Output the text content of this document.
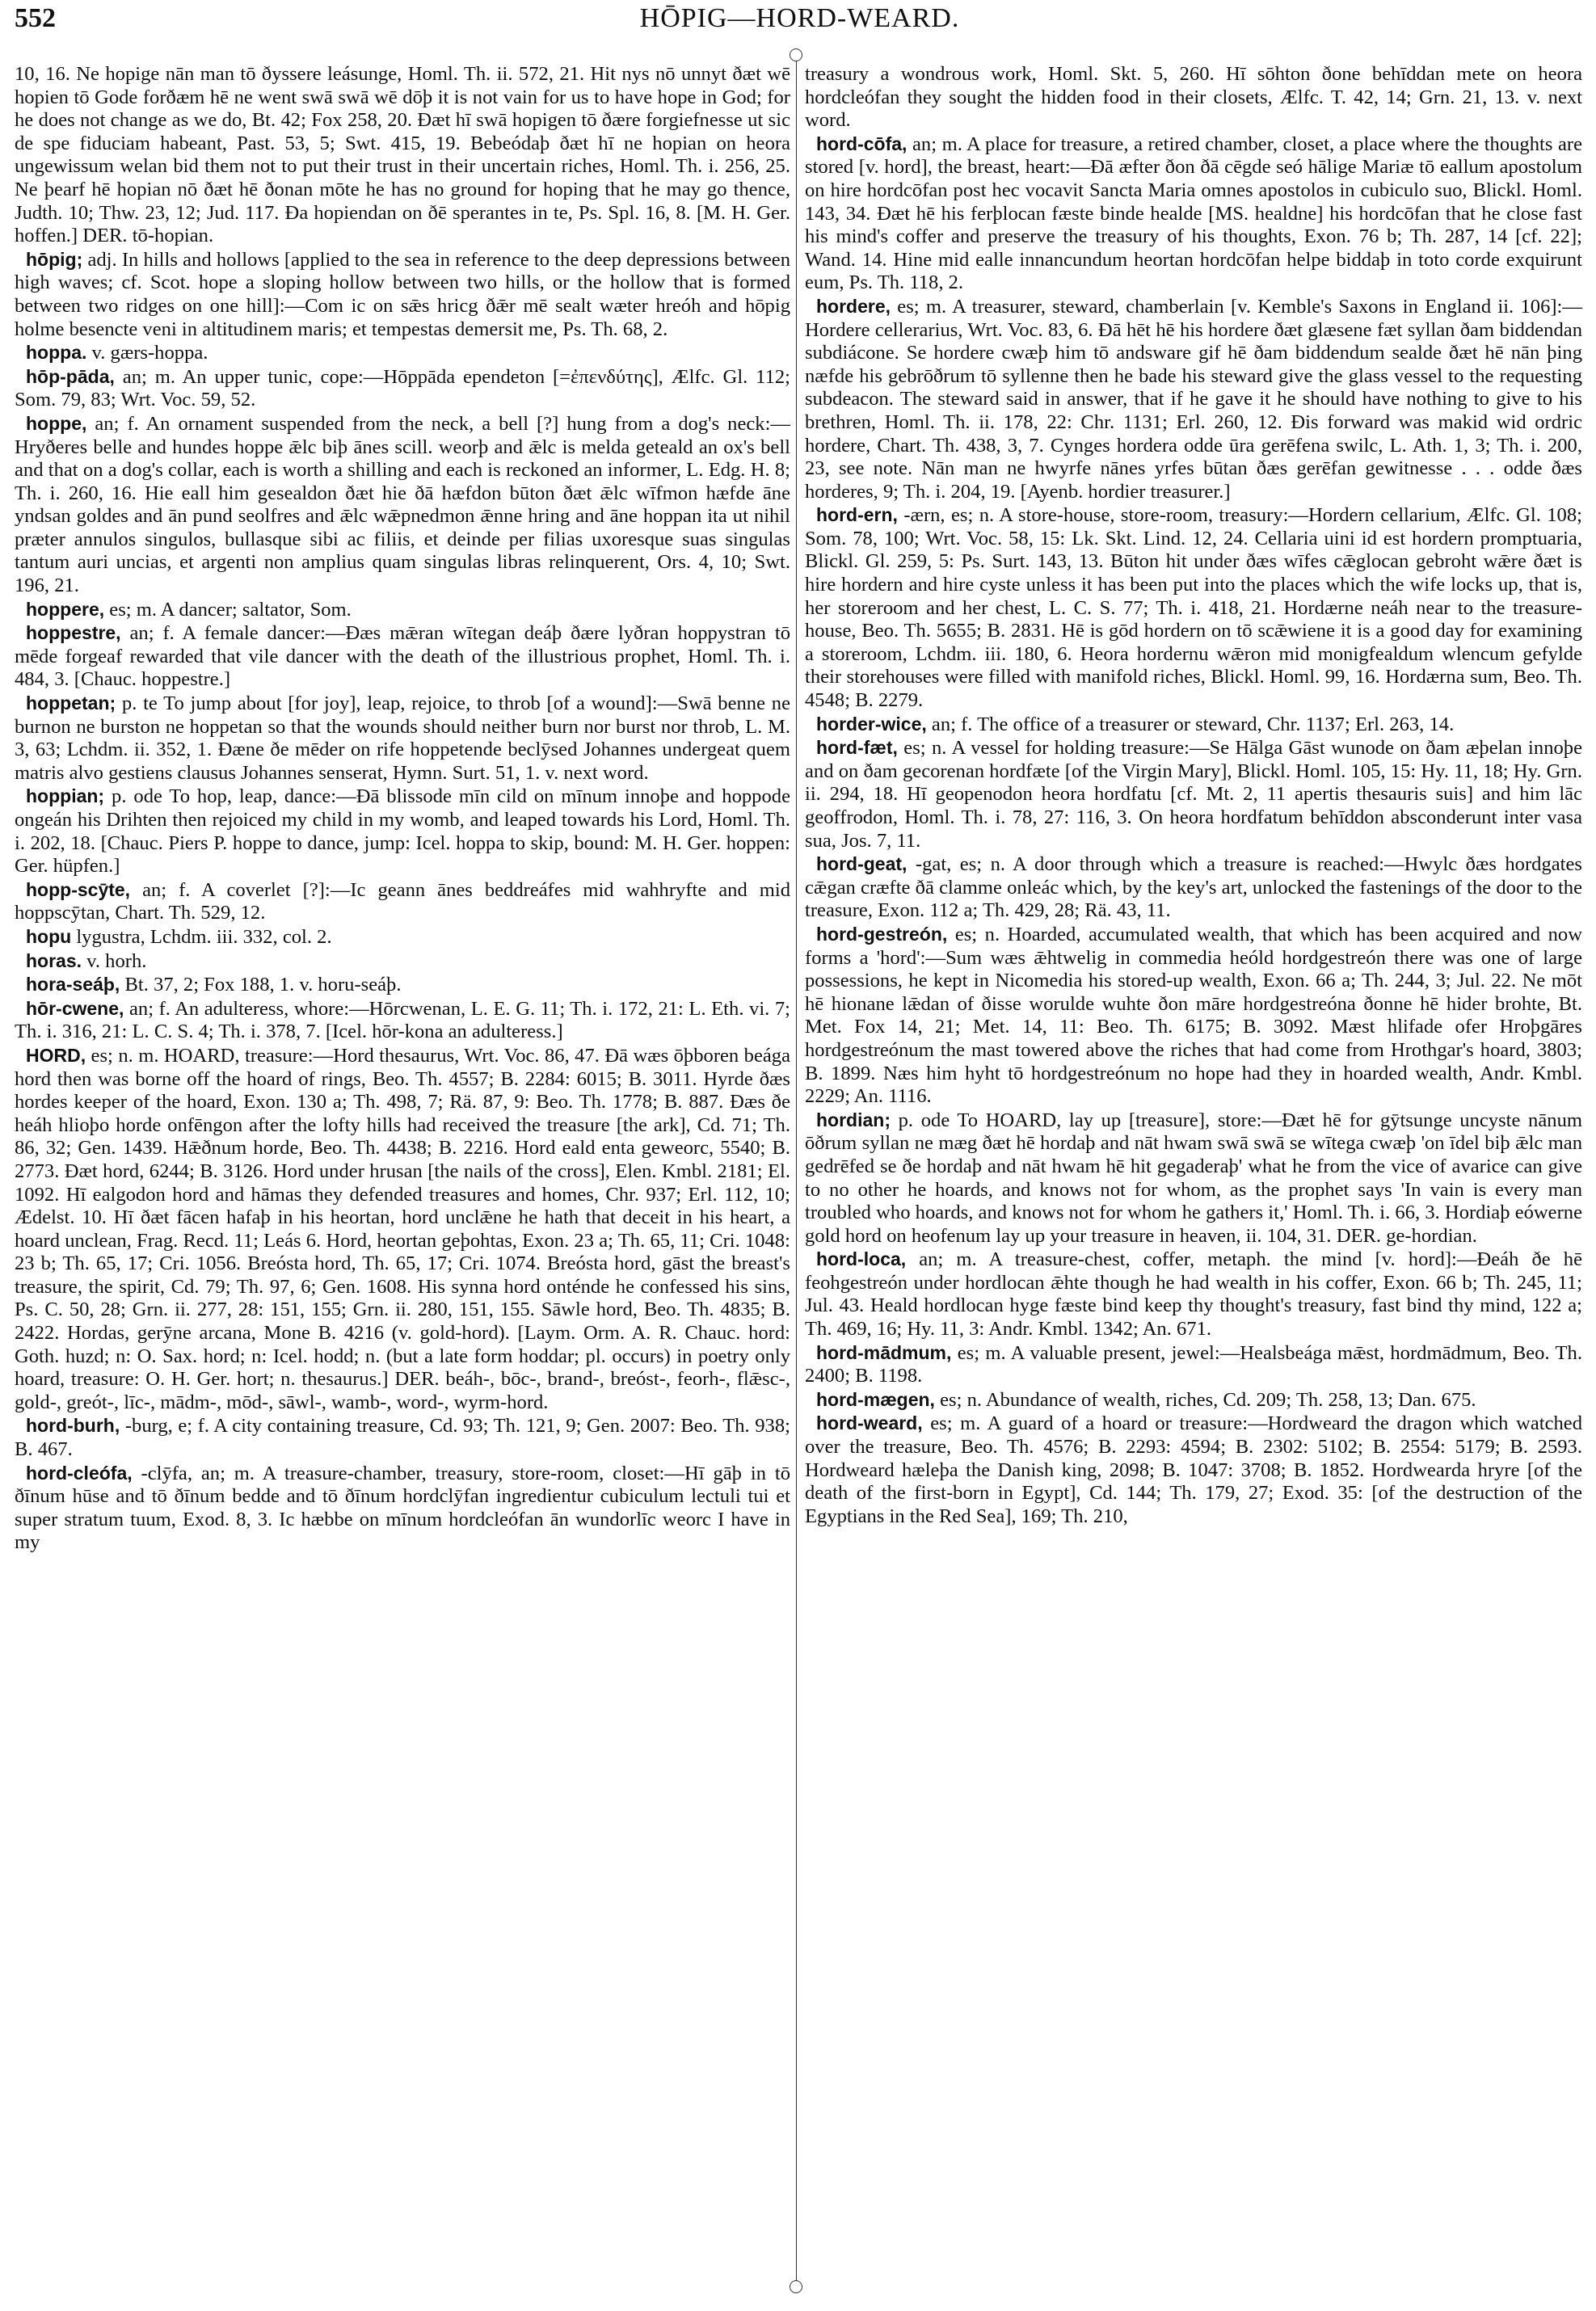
552	HŌPIG—HORD-WEARD.

10, 16. Ne hopige nān man tō ðyssere leásunge, Homl. Th. ii. 572, 21. Hit nys nō unnyt ðæt wē hopien tō Gode forðæm hē ne went swā swā wē dōþ it is not vain for us to have hope in God; for he does not change as we do, Bt. 42; Fox 258, 20. Ðæt hī swā hopigen tō ðære forgiefnesse ut sic de spe fiduciam habeant, Past. 53, 5; Swt. 415, 19. Bebeódaþ ðæt hī ne hopian on heora ungewissum welan bid them not to put their trust in their uncertain riches, Homl. Th. i. 256, 25. Ne þearf hē hopian nō ðæt hē ðonan mōte he has no ground for hoping that he may go thence, Judth. 10; Thw. 23, 12; Jud. 117. Ða hopiendan on ðē sperantes in te, Ps. Spl. 16, 8. [M. H. Ger. hoffen.] DER. tō-hopian.

hōpig; adj. In hills and hollows [applied to the sea in reference to the deep depressions between high waves; cf. Scot. hope a sloping hollow between two hills, or the hollow that is formed between two ridges on one hill]:—Com ic on sǣs hricg ðǣr mē sealt wæter hreóh and hōpig holme besencte veni in altitudinem maris; et tempestas demersit me, Ps. Th. 68, 2.

hoppa. v. gærs-hoppa.

hōp-pāda, an; m. An upper tunic, cope:—Hōppāda ependeton [=ἐπενδύτης], Ælfc. Gl. 112; Som. 79, 83; Wrt. Voc. 59, 52.

hoppe, an; f. An ornament suspended from the neck, a bell [?] hung from a dog's neck:—Hryðeres belle and hundes hoppe ǣlc biþ ānes scill. weorþ and ǣlc is melda geteald an ox's bell and that on a dog's collar, each is worth a shilling and each is reckoned an informer, L. Edg. H. 8; Th. i. 260, 16. Hie eall him gesealdon ðæt hie ðā hæfdon būton ðæt ǣlc wīfmon hæfde āne yndsan goldes and ān pund seolfres and ǣlc wǣpnedmon ǣnne hring and āne hoppan ita ut nihil præter annulos singulos, bullasque sibi ac filiis, et deinde per filias uxoresque suas singulas tantum auri uncias, et argenti non amplius quam singulas libras relinquerent, Ors. 4, 10; Swt. 196, 21.

hoppere, es; m. A dancer; saltator, Som.

hoppestre, an; f. A female dancer:—Ðæs mǣran wītegan deáþ ðære lyðran hoppystran tō mēde forgeaf rewarded that vile dancer with the death of the illustrious prophet, Homl. Th. i. 484, 3. [Chauc. hoppestre.]

hoppetan; p. te To jump about [for joy], leap, rejoice, to throb [of a wound]:—Swā benne ne burnon ne burston ne hoppetan so that the wounds should neither burn nor burst nor throb, L. M. 3, 63; Lchdm. ii. 352, 1. Ðæne ðe mēder on rife hoppetende beclȳsed Johannes undergeat quem matris alvo gestiens clausus Johannes senserat, Hymn. Surt. 51, 1. v. next word.

hoppian; p. ode To hop, leap, dance:—Ðā blissode mīn cild on mīnum innoþe and hoppode ongeán his Drihten then rejoiced my child in my womb, and leaped towards his Lord, Homl. Th. i. 202, 18. [Chauc. Piers P. hoppe to dance, jump: Icel. hoppa to skip, bound: M. H. Ger. hoppen: Ger. hüpfen.]

hopp-scȳte, an; f. A coverlet [?]:—Ic geann ānes beddreáfes mid wahhryfte and mid hoppscȳtan, Chart. Th. 529, 12.

hopu lygustra, Lchdm. iii. 332, col. 2.

horas. v. horh.

hora-seáþ, Bt. 37, 2; Fox 188, 1. v. horu-seáþ.

hōr-cwene, an; f. An adulteress, whore:—Hōrcwenan, L. E. G. 11; Th. i. 172, 21: L. Eth. vi. 7; Th. i. 316, 21: L. C. S. 4; Th. i. 378, 7. [Icel. hōr-kona an adulteress.]

HORD, es; n. m. HOARD, treasure:—Hord thesaurus, Wrt. Voc. 86, 47. Ðā wæs ōþboren beága hord then was borne off the hoard of rings, Beo. Th. 4557; B. 2284: 6015; B. 3011. Hyrde ðæs hordes keeper of the hoard, Exon. 130 a; Th. 498, 7; Rä. 87, 9: Beo. Th. 1778; B. 887. Ðæs ðe heáh hlioþo horde onfēngon after the lofty hills had received the treasure [the ark], Cd. 71; Th. 86, 32; Gen. 1439. Hǣðnum horde, Beo. Th. 4438; B. 2216. Hord eald enta geweorc, 5540; B. 2773. Ðæt hord, 6244; B. 3126. Hord under hrusan [the nails of the cross], Elen. Kmbl. 2181; El. 1092. Hī ealgodon hord and hāmas they defended treasures and homes, Chr. 937; Erl. 112, 10; Ædelst. 10. Hī ðæt fācen hafaþ in his heortan, hord unclǣne he hath that deceit in his heart, a hoard unclean, Frag. Recd. 11; Leás 6. Hord, heortan geþohtas, Exon. 23 a; Th. 65, 11; Cri. 1048: 23 b; Th. 65, 17; Cri. 1056. Breósta hord, Th. 65, 17; Cri. 1074. Breósta hord, gāst the breast's treasure, the spirit, Cd. 79; Th. 97, 6; Gen. 1608. His synna hord onténde he confessed his sins, Ps. C. 50, 28; Grn. ii. 277, 28: 151, 155; Grn. ii. 280, 151, 155. Sāwle hord, Beo. Th. 4835; B. 2422. Hordas, gerȳne arcana, Mone B. 4216 (v. gold-hord). [Laym. Orm. A. R. Chauc. hord: Goth. huzd; n: O. Sax. hord; n: Icel. hodd; n. (but a late form hoddar; pl. occurs) in poetry only hoard, treasure: O. H. Ger. hort; n. thesaurus.] DER. beáh-, bōc-, brand-, breóst-, feorh-, flǣsc-, gold-, greót-, līc-, mādm-, mōd-, sāwl-, wamb-, word-, wyrm-hord.

hord-burh, -burg, e; f. A city containing treasure, Cd. 93; Th. 121, 9; Gen. 2007: Beo. Th. 938; B. 467.

hord-cleófa, -clȳfa, an; m. A treasure-chamber, treasury, store-room, closet:—Hī gāþ in tō ðīnum hūse and tō ðīnum bedde and tō ðīnum hordclȳfan ingredientur cubiculum lectuli tui et super stratum tuum, Exod. 8, 3. Ic hæbbe on mīnum hordcleófan ān wundorlīc weorc I have in my

treasury a wondrous work, Homl. Skt. 5, 260. Hī sōhton ðone behīddan mete on heora hordcleófan they sought the hidden food in their closets, Ælfc. T. 42, 14; Grn. 21, 13. v. next word.

hord-cōfa, an; m. A place for treasure, a retired chamber, closet, a place where the thoughts are stored [v. hord], the breast, heart:—Ðā æfter ðon ðā cēgde seó hālige Mariæ tō eallum apostolum on hire hordcōfan post hec vocavit Sancta Maria omnes apostolos in cubiculo suo, Blickl. Homl. 143, 34. Ðæt hē his ferþlocan fæste binde healde [MS. healdne] his hordcōfan that he close fast his mind's coffer and preserve the treasury of his thoughts, Exon. 76 b; Th. 287, 14 [cf. 22]; Wand. 14. Hine mid ealle innancundum heortan hordcōfan helpe biddaþ in toto corde exquirunt eum, Ps. Th. 118, 2.

hordere, es; m. A treasurer, steward, chamberlain [v. Kemble's Saxons in England ii. 106]:—Hordere cellerarius, Wrt. Voc. 83, 6. Ðā hēt hē his hordere ðæt glæsene fæt syllan ðam biddendan subdiácone. Se hordere cwæþ him tō andsware gif hē ðam biddendum sealde ðæt hē nān þing næfde his gebrōðrum tō syllenne then he bade his steward give the glass vessel to the requesting subdeacon. The steward said in answer, that if he gave it he should have nothing to give to his brethren, Homl. Th. ii. 178, 22: Chr. 1131; Erl. 260, 12. Ðis forward was makid wid ordric hordere, Chart. Th. 438, 3, 7. Cynges hordera odde ūra gerēfena swilc, L. Ath. 1, 3; Th. i. 200, 23, see note. Nān man ne hwyrfe nānes yrfes būtan ðæs gerēfan gewitnesse . . . odde ðæs horderes, 9; Th. i. 204, 19. [Ayenb. hordier treasurer.]

hord-ern, -ærn, es; n. A store-house, store-room, treasury:—Hordern cellarium, Ælfc. Gl. 108; Som. 78, 100; Wrt. Voc. 58, 15: Lk. Skt. Lind. 12, 24. Cellaria uini id est hordern promptuaria, Blickl. Gl. 259, 5: Ps. Surt. 143, 13. Būton hit under ðæs wīfes cǣglocan gebroht wǣre ðæt is hire hordern and hire cyste unless it has been put into the places which the wife locks up, that is, her storeroom and her chest, L. C. S. 77; Th. i. 418, 21. Hordærne neáh near to the treasure-house, Beo. Th. 5655; B. 2831. Hē is gōd hordern on tō scǣwiene it is a good day for examining a storeroom, Lchdm. iii. 180, 6. Heora hordernu wǣron mid monigfealdum wlencum gefylde their storehouses were filled with manifold riches, Blickl. Homl. 99, 16. Hordærna sum, Beo. Th. 4548; B. 2279.

horder-wice, an; f. The office of a treasurer or steward, Chr. 1137; Erl. 263, 14.

hord-fæt, es; n. A vessel for holding treasure:—Se Hālga Gāst wunode on ðam æþelan innoþe and on ðam gecorenan hordfæte [of the Virgin Mary], Blickl. Homl. 105, 15: Hy. 11, 18; Hy. Grn. ii. 294, 18. Hī geopenodon heora hordfatu [cf. Mt. 2, 11 apertis thesauris suis] and him lāc geoffrodon, Homl. Th. i. 78, 27: 116, 3. On heora hordfatum behīddon absconderunt inter vasa sua, Jos. 7, 11.

hord-geat, -gat, es; n. A door through which a treasure is reached:—Hwylc ðæs hordgates cǣgan cræfte ðā clamme onleác which, by the key's art, unlocked the fastenings of the door to the treasure, Exon. 112 a; Th. 429, 28; Rä. 43, 11.

hord-gestreón, es; n. Hoarded, accumulated wealth, that which has been acquired and now forms a 'hord':—Sum wæs ǣhtwelig in commedia heóld hordgestreón there was one of large possessions, he kept in Nicomedia his stored-up wealth, Exon. 66 a; Th. 244, 3; Jul. 22. Ne mōt hē hionane lǣdan of ðisse worulde wuhte ðon māre hordgestreóna ðonne hē hider brohte, Bt. Met. Fox 14, 21; Met. 14, 11: Beo. Th. 6175; B. 3092. Mæst hlifade ofer Hroþgāres hordgestreónum the mast towered above the riches that had come from Hrothgar's hoard, 3803; B. 1899. Næs him hyht tō hordgestreónum no hope had they in hoarded wealth, Andr. Kmbl. 2229; An. 1116.

hordian; p. ode To HOARD, lay up [treasure], store:—Ðæt hē for gȳtsunge uncyste nānum ōðrum syllan ne mæg ðæt hē hordaþ and nāt hwam swā swā se wītega cwæþ 'on īdel biþ ǣlc man gedrēfed se ðe hordaþ and nāt hwam hē hit gegaderaþ' what he from the vice of avarice can give to no other he hoards, and knows not for whom, as the prophet says 'In vain is every man troubled who hoards, and knows not for whom he gathers it,' Homl. Th. i. 66, 3. Hordiaþ eówerne gold hord on heofenum lay up your treasure in heaven, ii. 104, 31. DER. ge-hordian.

hord-loca, an; m. A treasure-chest, coffer, metaph. the mind [v. hord]:—Ðeáh ðe hē feohgestreón under hordlocan ǣhte though he had wealth in his coffer, Exon. 66 b; Th. 245, 11; Jul. 43. Heald hordlocan hyge fæste bind keep thy thought's treasury, fast bind thy mind, 122 a; Th. 469, 16; Hy. 11, 3: Andr. Kmbl. 1342; An. 671.

hord-mādmum, es; m. A valuable present, jewel:—Healsbeága mǣst, hordmādmum, Beo. Th. 2400; B. 1198.

hord-mægen, es; n. Abundance of wealth, riches, Cd. 209; Th. 258, 13; Dan. 675.

hord-weard, es; m. A guard of a hoard or treasure:—Hordweard the dragon which watched over the treasure, Beo. Th. 4576; B. 2293: 4594; B. 2302: 5102; B. 2554: 5179; B. 2593. Hordweard hæleþa the Danish king, 2098; B. 1047: 3708; B. 1852. Hordwearda hryre [of the death of the first-born in Egypt], Cd. 144; Th. 179, 27; Exod. 35: [of the destruction of the Egyptians in the Red Sea], 169; Th. 210,
